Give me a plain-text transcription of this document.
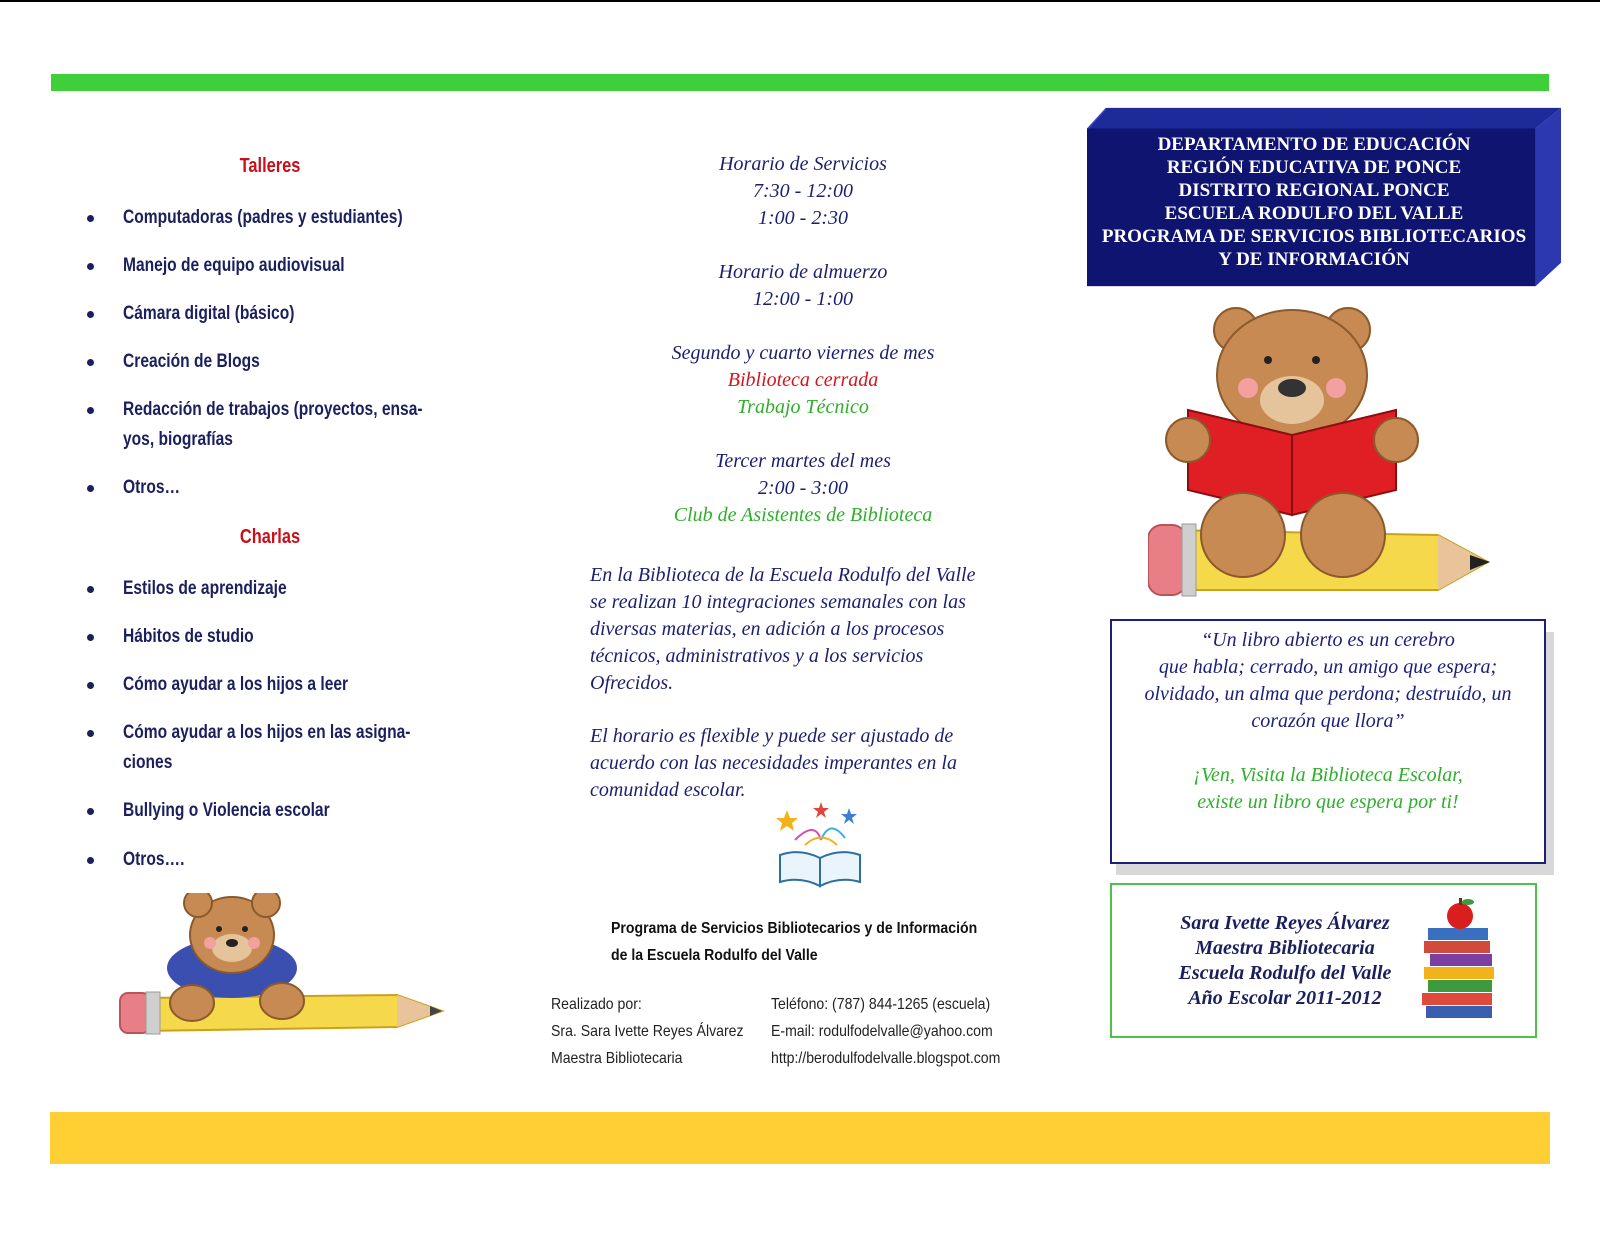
Talleres
Computadoras (padres y estudiantes)
Manejo de equipo audiovisual
Cámara digital (básico)
Creación de Blogs
Redacción de trabajos (proyectos, ensa-
yos, biografías
Otros…
Charlas
Estilos de aprendizaje
Hábitos de studio
Cómo ayudar a los hijos a leer
Cómo ayudar a los hijos en las asigna-
ciones
Bullying o Violencia escolar
Otros….
Horario de Servicios
7:30 - 12:00
1:00 - 2:30
Horario de almuerzo
12:00 - 1:00
Segundo y cuarto viernes de mes
Biblioteca cerrada
Trabajo Técnico
Tercer martes del mes
2:00 - 3:00
Club de Asistentes de Biblioteca
En la Biblioteca de la Escuela Rodulfo del Valle
se realizan 10 integraciones semanales con las
diversas materias, en adición a los procesos
técnicos, administrativos y a los servicios
Ofrecidos.
El horario es flexible y puede ser ajustado de
acuerdo con las necesidades imperantes en la
comunidad escolar.
Programa de Servicios Bibliotecarios y de Información
de la Escuela Rodulfo del Valle
Realizado por:
Sra. Sara Ivette Reyes Álvarez
Maestra Bibliotecaria
Teléfono: (787) 844-1265 (escuela)
E-mail: rodulfodelvalle@yahoo.com
http://berodulfodelvalle.blogspot.com
DEPARTAMENTO DE EDUCACIÓN
REGIÓN EDUCATIVA DE PONCE
DISTRITO REGIONAL PONCE
ESCUELA RODULFO DEL VALLE
PROGRAMA DE SERVICIOS BIBLIOTECARIOS
Y DE INFORMACIÓN
“Un libro abierto es un cerebro
que habla; cerrado, un amigo que espera;
olvidado, un alma que perdona; destruído, un
corazón que llora”
¡Ven, Visita la Biblioteca Escolar,
existe un libro que espera por ti!
Sara Ivette Reyes Álvarez
Maestra Bibliotecaria
Escuela Rodulfo del Valle
Año Escolar 2011-2012
